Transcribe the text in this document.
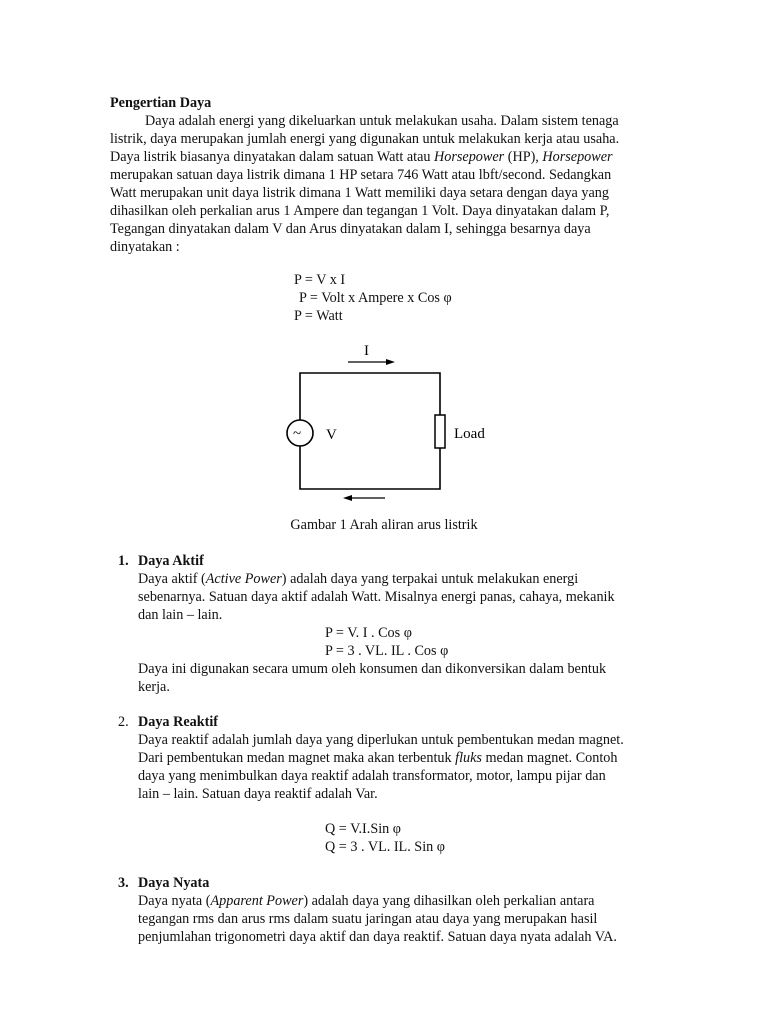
Pengertian Daya

Daya adalah energi yang dikeluarkan untuk melakukan usaha. Dalam sistem tenaga

listrik, daya merupakan jumlah energi yang digunakan untuk melakukan kerja atau usaha.

Daya listrik biasanya dinyatakan dalam satuan Watt atau Horsepower (HP), Horsepower

merupakan satuan daya listrik dimana 1 HP setara 746 Watt atau lbft/second. Sedangkan

Watt merupakan unit daya listrik dimana 1 Watt memiliki daya setara dengan daya yang

dihasilkan oleh perkalian arus 1 Ampere dan tegangan 1 Volt. Daya dinyatakan dalam P,

Tegangan dinyatakan dalam V dan Arus dinyatakan dalam I, sehingga besarnya daya

dinyatakan :

P = V x I

P = Volt x Ampere x Cos φ

P = Watt

I
~ V	Load

Gambar 1 Arah aliran arus listrik

1. Daya Aktif

Daya aktif (Active Power) adalah daya yang terpakai untuk melakukan energi

sebenarnya. Satuan daya aktif adalah Watt. Misalnya energi panas, cahaya, mekanik

dan lain – lain.

P = V. I . Cos φ

P = 3 . VL. IL . Cos φ

Daya ini digunakan secara umum oleh konsumen dan dikonversikan dalam bentuk

kerja.

2. Daya Reaktif

Daya reaktif adalah jumlah daya yang diperlukan untuk pembentukan medan magnet.

Dari pembentukan medan magnet maka akan terbentuk fluks medan magnet. Contoh

daya yang menimbulkan daya reaktif adalah transformator, motor, lampu pijar dan

lain – lain. Satuan daya reaktif adalah Var.

Q = V.I.Sin φ

Q = 3 . VL. IL. Sin φ

3. Daya Nyata

Daya nyata (Apparent Power) adalah daya yang dihasilkan oleh perkalian antara

tegangan rms dan arus rms dalam suatu jaringan atau daya yang merupakan hasil

penjumlahan trigonometri daya aktif dan daya reaktif. Satuan daya nyata adalah VA.
